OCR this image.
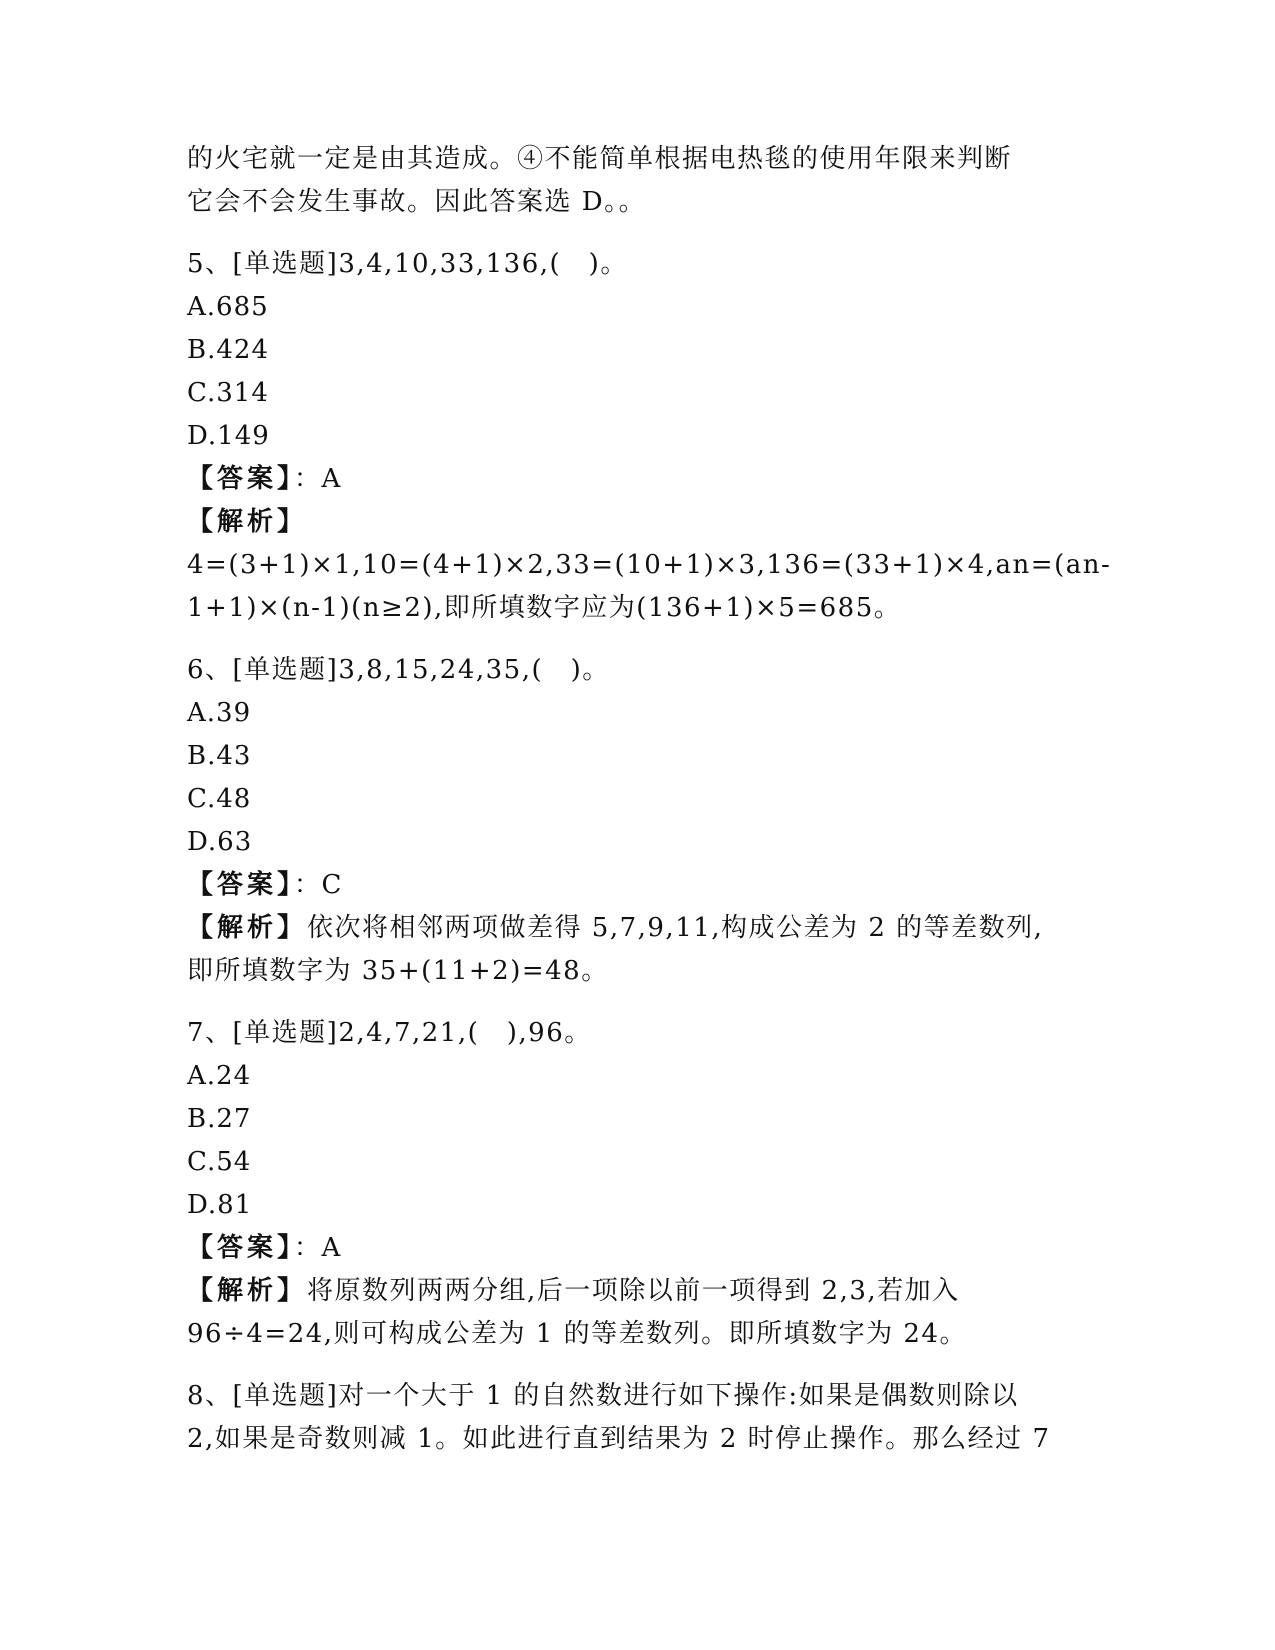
的火宅就一定是由其造成。④不能简单根据电热毯的使用年限来判断
它会不会发生事故。因此答案选 D。。
5、[单选题]3,4,10,33,136,(　)。
A.685
B.424
C.314
D.149
【答案】：A
【解析】
4=(3+1)×1,10=(4+1)×2,33=(10+1)×3,136=(33+1)×4,an=(an-
1+1)×(n-1)(n≥2),即所填数字应为(136+1)×5=685。
6、[单选题]3,8,15,24,35,(　)。
A.39
B.43
C.48
D.63
【答案】：C
【解析】依次将相邻两项做差得 5,7,9,11,构成公差为 2 的等差数列,
即所填数字为 35+(11+2)=48。
7、[单选题]2,4,7,21,(　),96。
A.24
B.27
C.54
D.81
【答案】：A
【解析】将原数列两两分组,后一项除以前一项得到 2,3,若加入
96÷4=24,则可构成公差为 1 的等差数列。即所填数字为 24。
8、[单选题]对一个大于 1 的自然数进行如下操作:如果是偶数则除以
2,如果是奇数则减 1。如此进行直到结果为 2 时停止操作。那么经过 7
